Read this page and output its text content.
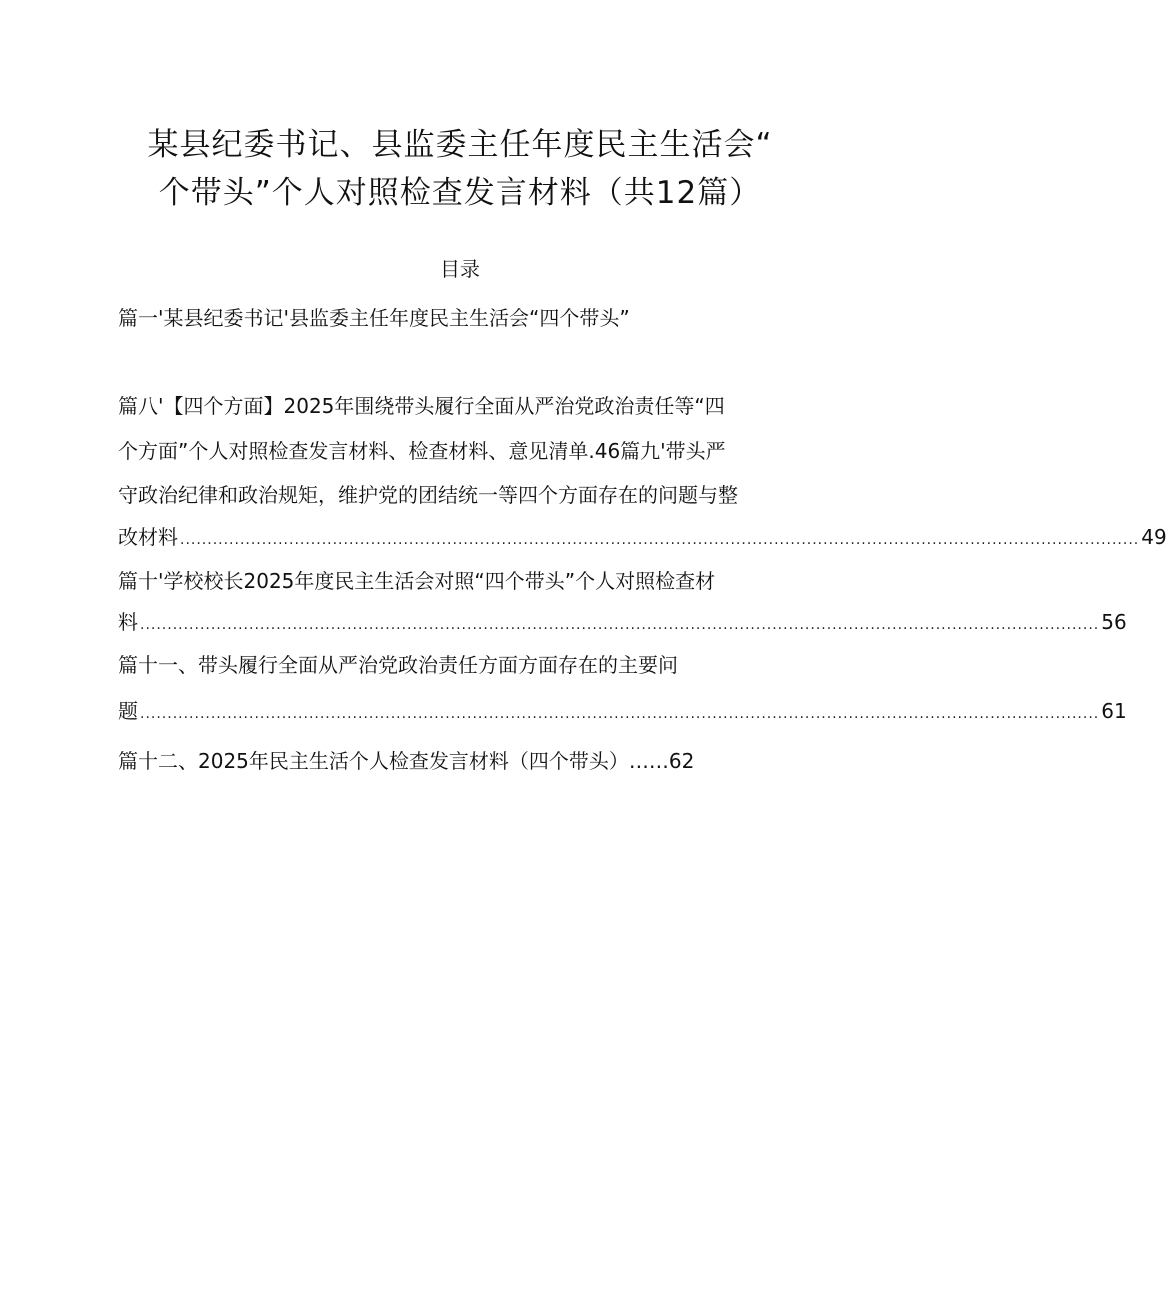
某县纪委书记、县监委主任年度民主生活会“
个带头”个人对照检查发言材料（共12篇）
目录
篇一'某县纪委书记'县监委主任年度民主生活会“四个带头”
篇八'【四个方面】2025年围绕带头履行全面从严治党政治责任等“四
个方面”个人对照检查发言材料、检查材料、意见清单.46篇九'带头严
守政治纪律和政治规矩，维护党的团结统一等四个方面存在的问题与整
改材料 ................................................................................................................................................................................ 49
篇十'学校校长2025年度民主生活会对照“四个带头”个人对照检查材
料 ................................................................................................................................................................................ 56
篇十一、带头履行全面从严治党政治责任方面方面存在的主要问
题 ................................................................................................................................................................................ 61
篇十二、2025年民主生活个人检查发言材料（四个带头）……62
